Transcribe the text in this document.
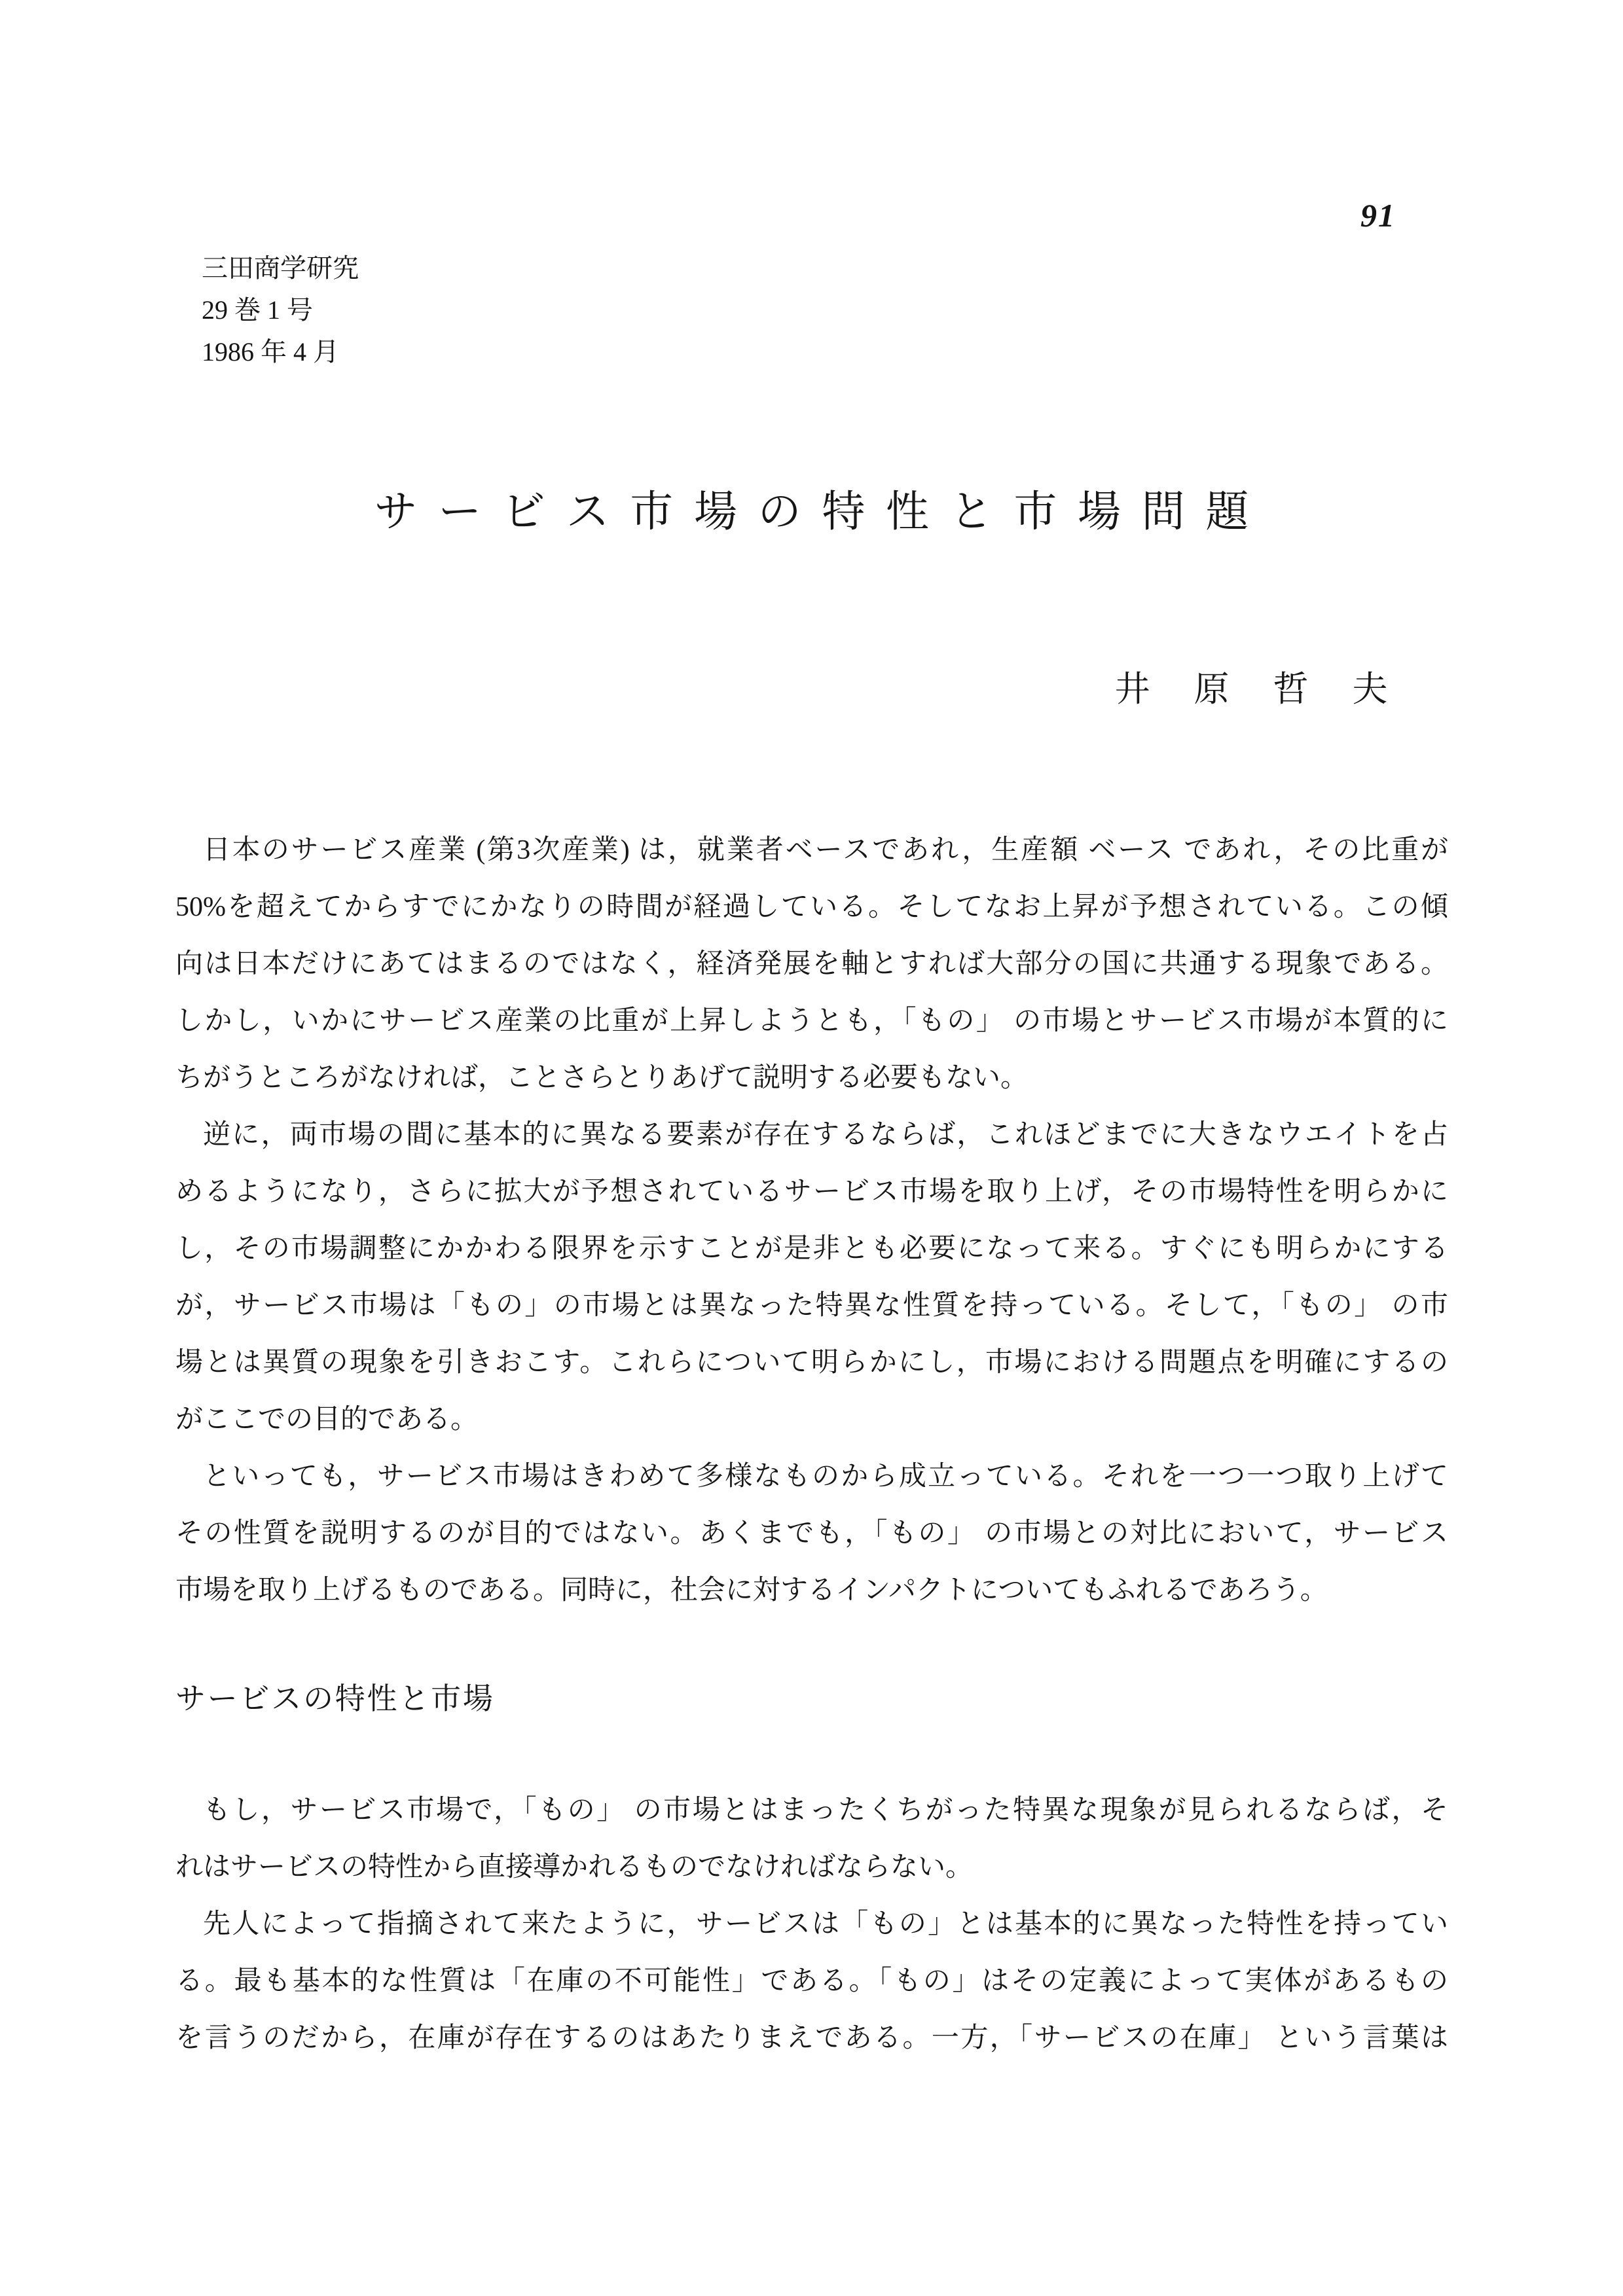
91
三田商学研究
29 巻 1 号
1986 年 4 月
サービス市場の特性と市場問題
井　原　哲　夫
日本のサービス産業 (第3次産業) は，就業者ベースであれ，生産額 ベース であれ，その比重が
50%を超えてからすでにかなりの時間が経過している。そしてなお上昇が予想されている。この傾
向は日本だけにあてはまるのではなく，経済発展を軸とすれば大部分の国に共通する現象である。
しかし，いかにサービス産業の比重が上昇しようとも，「もの」 の市場とサービス市場が本質的に
ちがうところがなければ，ことさらとりあげて説明する必要もない。
逆に，両市場の間に基本的に異なる要素が存在するならば，これほどまでに大きなウエイトを占
めるようになり，さらに拡大が予想されているサービス市場を取り上げ，その市場特性を明らかに
し，その市場調整にかかわる限界を示すことが是非とも必要になって来る。すぐにも明らかにする
が，サービス市場は「もの」の市場とは異なった特異な性質を持っている。そして，「もの」 の市
場とは異質の現象を引きおこす。これらについて明らかにし，市場における問題点を明確にするの
がここでの目的である。
といっても，サービス市場はきわめて多様なものから成立っている。それを一つ一つ取り上げて
その性質を説明するのが目的ではない。あくまでも，「もの」 の市場との対比において，サービス
市場を取り上げるものである。同時に，社会に対するインパクトについてもふれるであろう。
サービスの特性と市場
もし，サービス市場で，「もの」 の市場とはまったくちがった特異な現象が見られるならば，そ
れはサービスの特性から直接導かれるものでなければならない。
先人によって指摘されて来たように，サービスは「もの」とは基本的に異なった特性を持ってい
る。最も基本的な性質は「在庫の不可能性」である。「もの」はその定義によって実体があるもの
を言うのだから，在庫が存在するのはあたりまえである。一方，「サービスの在庫」 という言葉は
